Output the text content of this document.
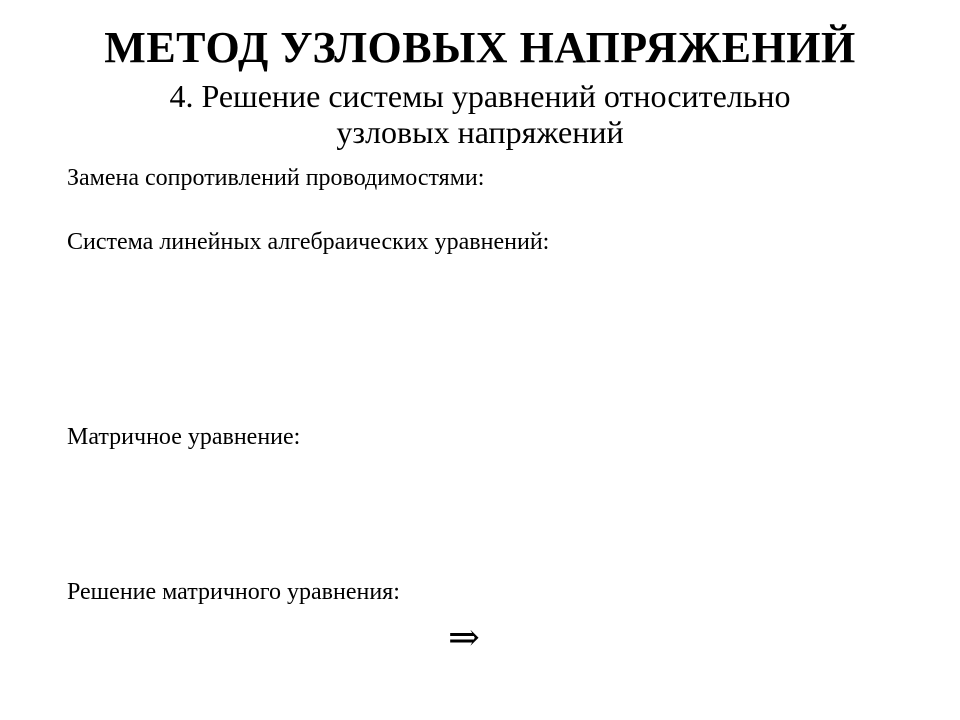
МЕТОД УЗЛОВЫХ НАПРЯЖЕНИЙ
4. Решение системы уравнений относительно
узловых напряжений
Замена сопротивлений проводимостями:
Система линейных алгебраических уравнений:
Матричное уравнение:
Решение матричного уравнения:
⇒
